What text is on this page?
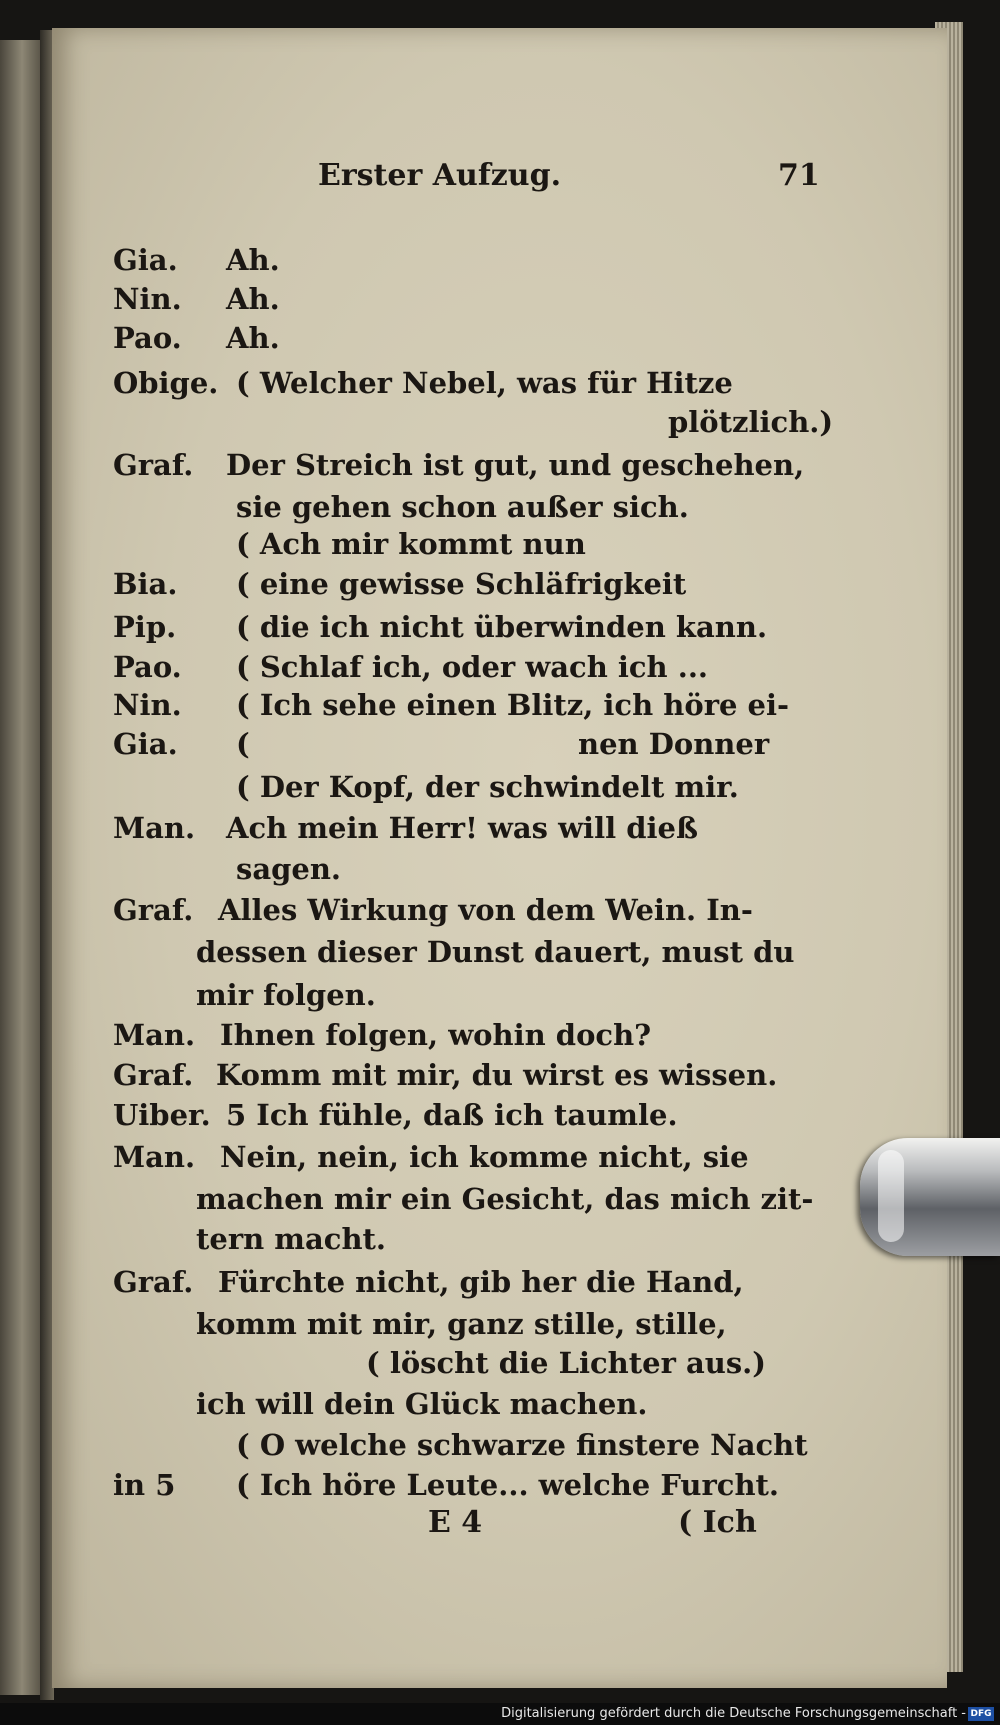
Erster Aufzug.	71
Gia. Ah.
Nin. Ah.
Pao. Ah.
Obige. ( Welcher Nebel, was für Hitze
plötzlich.)
Graf. Der Streich ist gut, und geschehen,
sie gehen schon außer sich.
( Ach mir kommt nun
Bia. ( eine gewisse Schläfrigkeit
Pip. ( die ich nicht überwinden kann.
Pao. ( Schlaf ich, oder wach ich ...
Nin. ( Ich sehe einen Blitz, ich höre ei-
Gia. (	nen Donner
( Der Kopf, der schwindelt mir.
Man. Ach mein Herr! was will dieß
sagen.
Graf. Alles Wirkung von dem Wein. In-
dessen dieser Dunst dauert, must du
mir folgen.
Man. Ihnen folgen, wohin doch?
Graf. Komm mit mir, du wirst es wissen.
Uiber. 5 Ich fühle, daß ich taumle.
Man. Nein, nein, ich komme nicht, sie
machen mir ein Gesicht, das mich zit-
tern macht.
Graf. Fürchte nicht, gib her die Hand,
komm mit mir, ganz stille, stille,
( löscht die Lichter aus.)
ich will dein Glück machen.
( O welche schwarze finstere Nacht
in 5 ( Ich höre Leute... welche Furcht.
E 4	( Ich
Digitalisierung gefördert durch die Deutsche Forschungsgemeinschaft - DFG
